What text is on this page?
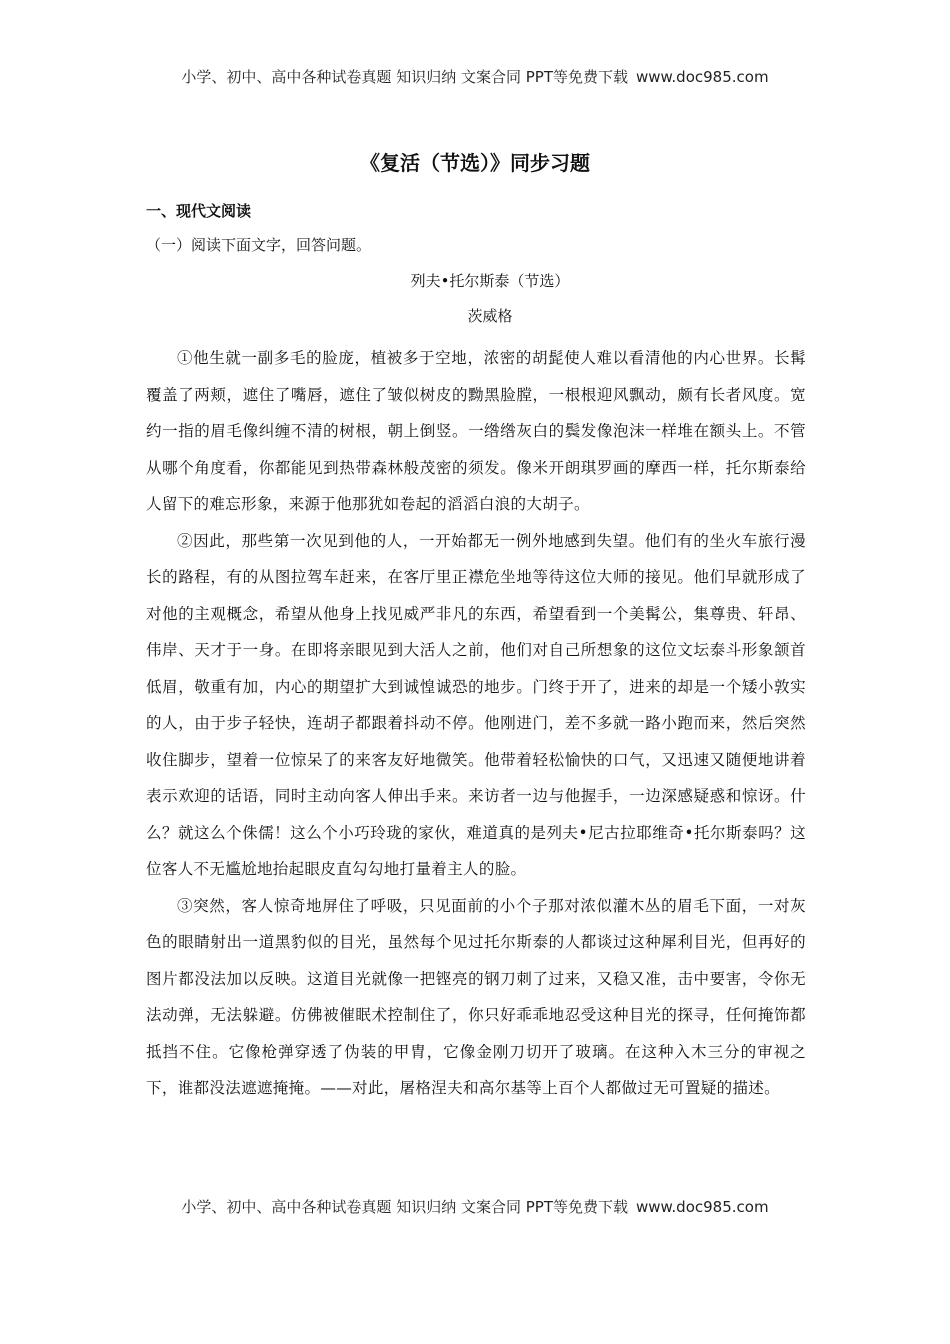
小学、初中、高中各种试卷真题 知识归纳 文案合同 PPT等免费下载 www.doc985.com
《复活（节选）》同步习题
一、现代文阅读
（一）阅读下面文字，回答问题。
列夫•托尔斯泰（节选）
茨威格

①他生就一副多毛的脸庞，植被多于空地，浓密的胡髭使人难以看清他的内心世界。长髯覆盖了两颊，遮住了嘴唇，遮住了皱似树皮的黝黑脸膛，一根根迎风飘动，颇有长者风度。宽约一指的眉毛像纠缠不清的树根，朝上倒竖。一绺绺灰白的鬓发像泡沫一样堆在额头上。不管从哪个角度看，你都能见到热带森林般茂密的须发。像米开朗琪罗画的摩西一样，托尔斯泰给人留下的难忘形象，来源于他那犹如卷起的滔滔白浪的大胡子。

②因此，那些第一次见到他的人，一开始都无一例外地感到失望。他们有的坐火车旅行漫长的路程，有的从图拉驾车赶来，在客厅里正襟危坐地等待这位大师的接见。他们早就形成了对他的主观概念，希望从他身上找见威严非凡的东西，希望看到一个美髯公，集尊贵、轩昂、伟岸、天才于一身。在即将亲眼见到大活人之前，他们对自己所想象的这位文坛泰斗形象颔首低眉，敬重有加，内心的期望扩大到诚惶诚恐的地步。门终于开了，进来的却是一个矮小敦实的人，由于步子轻快，连胡子都跟着抖动不停。他刚进门，差不多就一路小跑而来，然后突然收住脚步，望着一位惊呆了的来客友好地微笑。他带着轻松愉快的口气，又迅速又随便地讲着表示欢迎的话语，同时主动向客人伸出手来。来访者一边与他握手，一边深感疑惑和惊讶。什么？就这么个侏儒！这么个小巧玲珑的家伙，难道真的是列夫•尼古拉耶维奇•托尔斯泰吗？这位客人不无尴尬地抬起眼皮直勾勾地打量着主人的脸。

③突然，客人惊奇地屏住了呼吸，只见面前的小个子那对浓似灌木丛的眉毛下面，一对灰色的眼睛射出一道黑豹似的目光，虽然每个见过托尔斯泰的人都谈过这种犀利目光，但再好的图片都没法加以反映。这道目光就像一把铿亮的钢刀刺了过来，又稳又准，击中要害，令你无法动弹，无法躲避。仿佛被催眠术控制住了，你只好乖乖地忍受这种目光的探寻，任何掩饰都抵挡不住。它像枪弹穿透了伪装的甲胄，它像金刚刀切开了玻璃。在这种入木三分的审视之下，谁都没法遮遮掩掩。——对此，屠格涅夫和高尔基等上百个人都做过无可置疑的描述。

小学、初中、高中各种试卷真题 知识归纳 文案合同 PPT等免费下载 www.doc985.com
